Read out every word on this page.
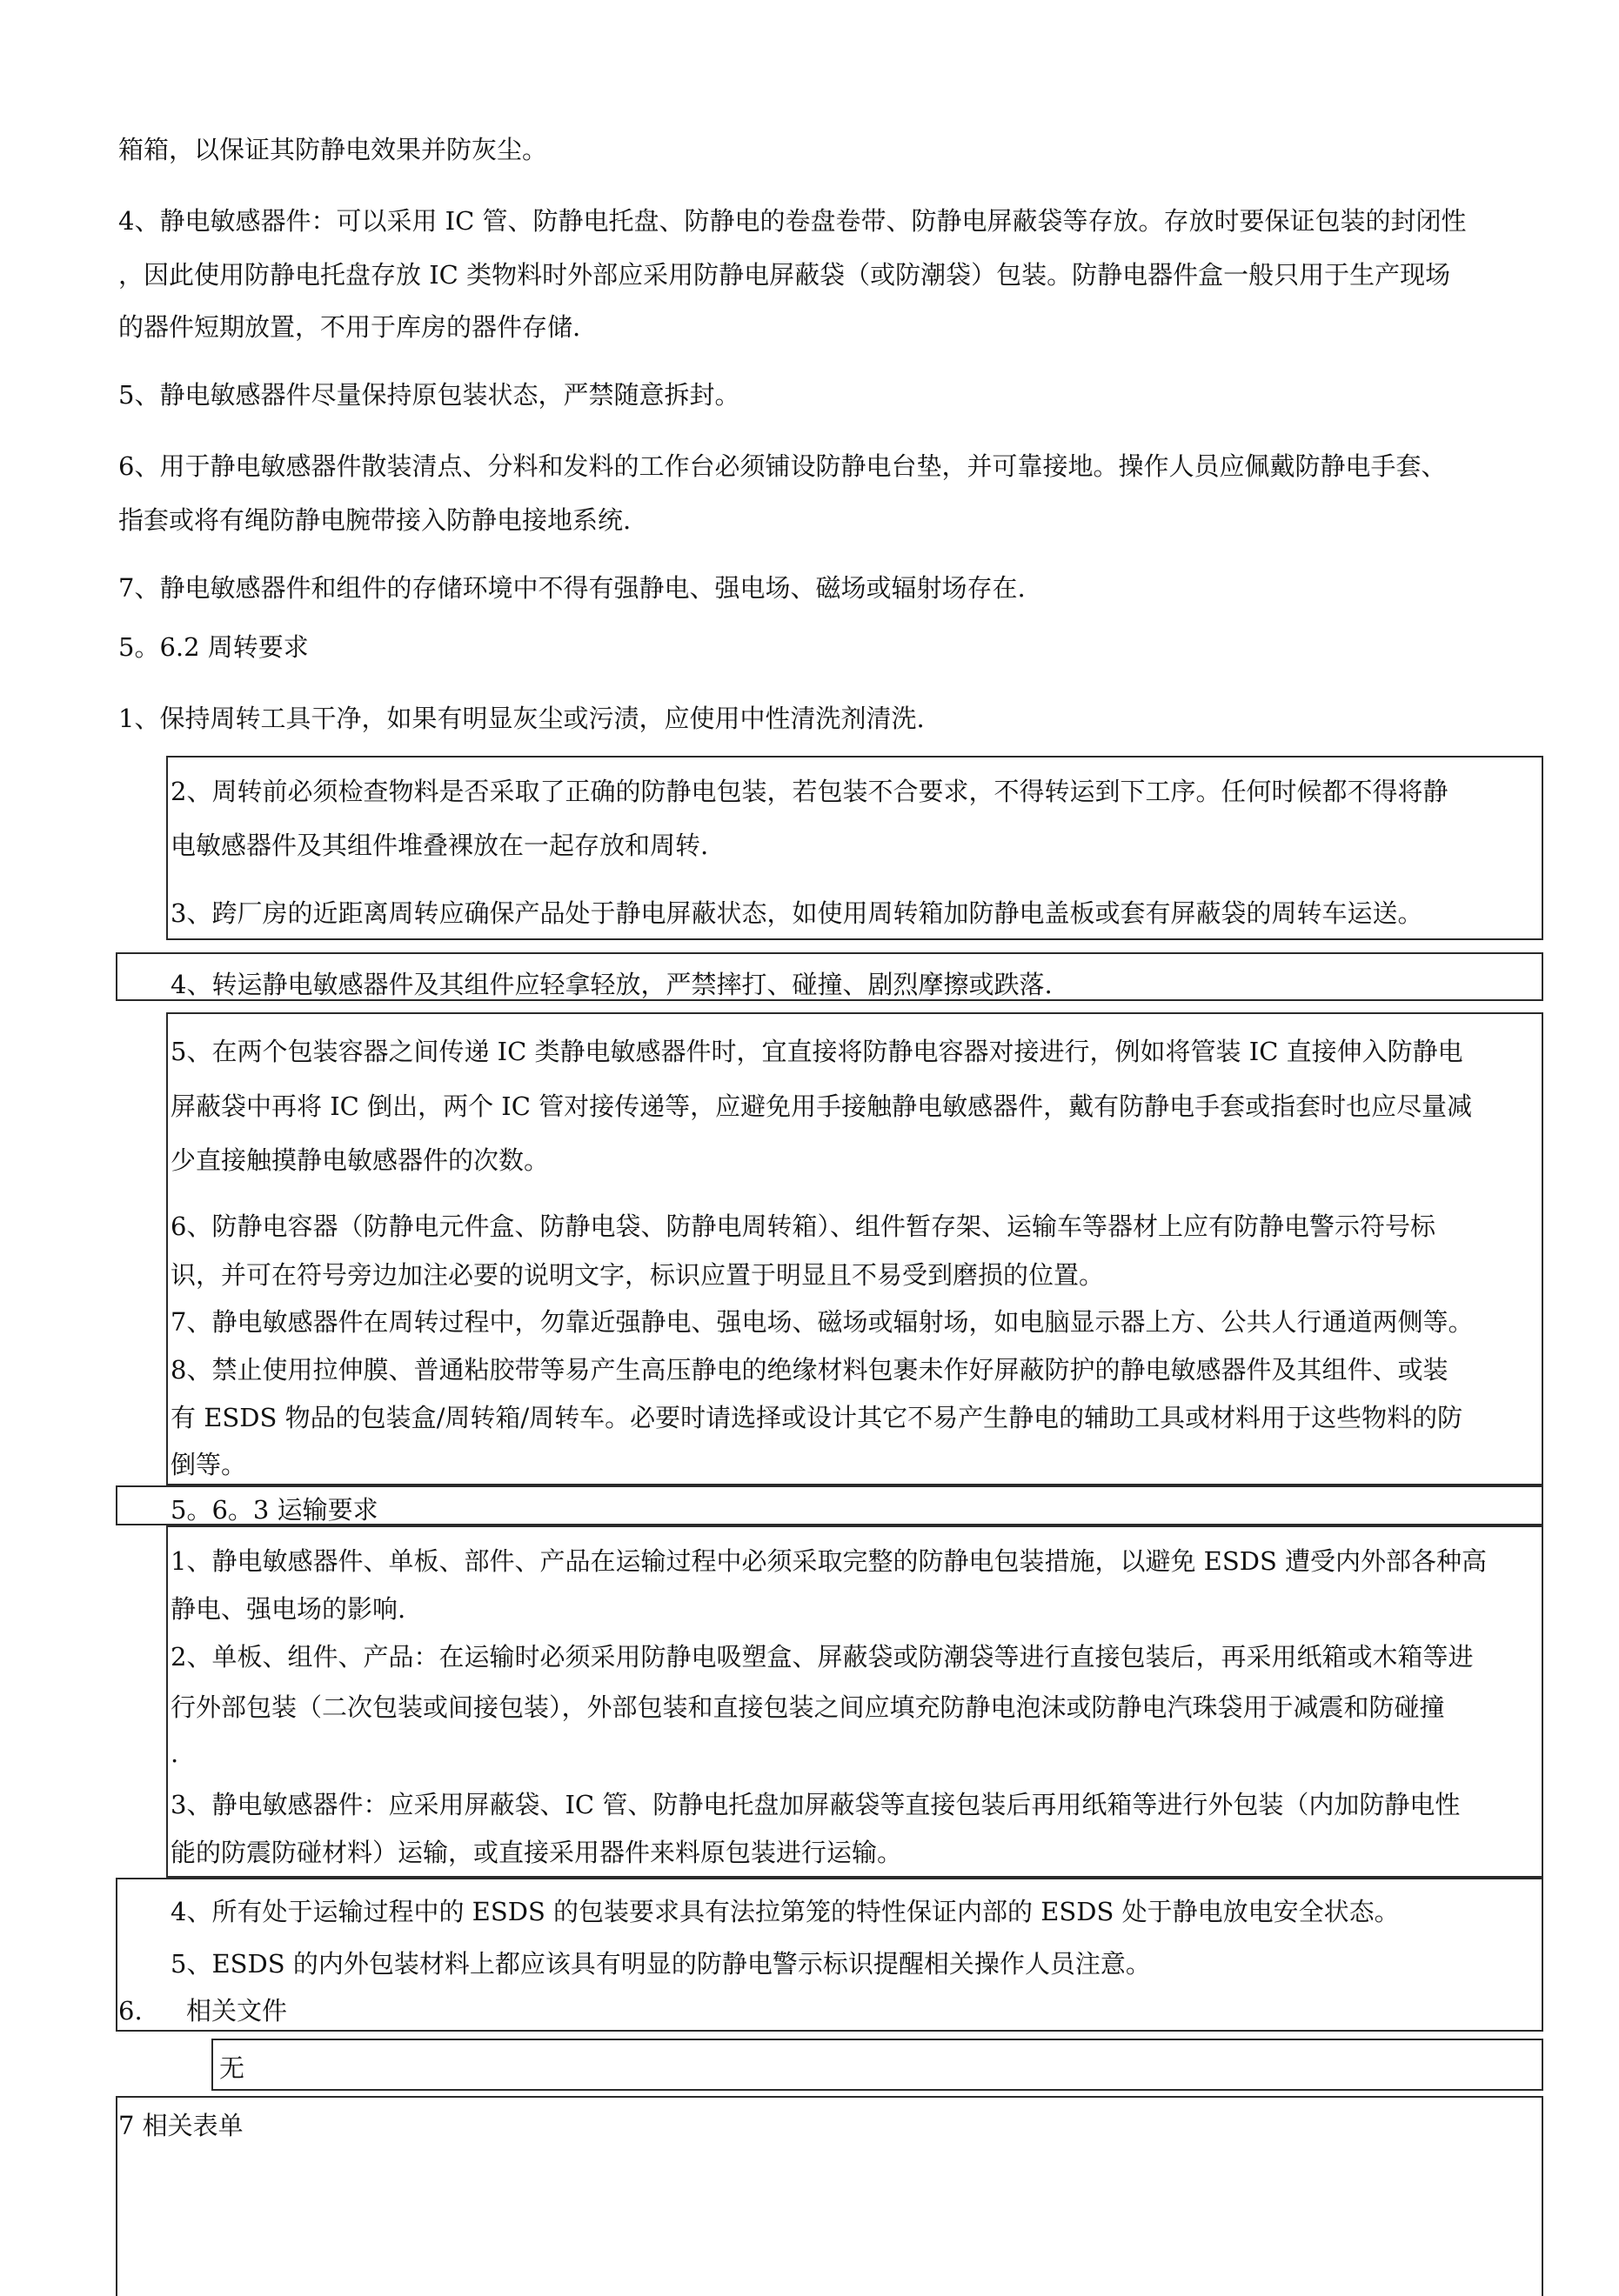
箱箱，以保证其防静电效果并防灰尘。
4、静电敏感器件：可以采用 IC 管、防静电托盘、防静电的卷盘卷带、防静电屏蔽袋等存放。存放时要保证包装的封闭性
，因此使用防静电托盘存放 IC 类物料时外部应采用防静电屏蔽袋（或防潮袋）包装。防静电器件盒一般只用于生产现场
的器件短期放置，不用于库房的器件存储.
5、静电敏感器件尽量保持原包装状态，严禁随意拆封。
6、用于静电敏感器件散装清点、分料和发料的工作台必须铺设防静电台垫，并可靠接地。操作人员应佩戴防静电手套、
指套或将有绳防静电腕带接入防静电接地系统.
7、静电敏感器件和组件的存储环境中不得有强静电、强电场、磁场或辐射场存在.
5。6.2 周转要求
1、保持周转工具干净，如果有明显灰尘或污渍，应使用中性清洗剂清洗.
2、周转前必须检查物料是否采取了正确的防静电包装，若包装不合要求，不得转运到下工序。任何时候都不得将静
电敏感器件及其组件堆叠裸放在一起存放和周转.
3、跨厂房的近距离周转应确保产品处于静电屏蔽状态，如使用周转箱加防静电盖板或套有屏蔽袋的周转车运送。
4、转运静电敏感器件及其组件应轻拿轻放，严禁摔打、碰撞、剧烈摩擦或跌落.
5、在两个包装容器之间传递 IC 类静电敏感器件时，宜直接将防静电容器对接进行，例如将管装 IC 直接伸入防静电
屏蔽袋中再将 IC 倒出，两个 IC 管对接传递等，应避免用手接触静电敏感器件，戴有防静电手套或指套时也应尽量减
少直接触摸静电敏感器件的次数。
6、防静电容器（防静电元件盒、防静电袋、防静电周转箱）、组件暂存架、运输车等器材上应有防静电警示符号标
识，并可在符号旁边加注必要的说明文字，标识应置于明显且不易受到磨损的位置。
7、静电敏感器件在周转过程中，勿靠近强静电、强电场、磁场或辐射场，如电脑显示器上方、公共人行通道两侧等。
8、禁止使用拉伸膜、普通粘胶带等易产生高压静电的绝缘材料包裹未作好屏蔽防护的静电敏感器件及其组件、或装
有 ESDS 物品的包装盒/周转箱/周转车。必要时请选择或设计其它不易产生静电的辅助工具或材料用于这些物料的防
倒等。
5。6。3 运输要求
1、静电敏感器件、单板、部件、产品在运输过程中必须采取完整的防静电包装措施，以避免 ESDS 遭受内外部各种高
静电、强电场的影响.
2、单板、组件、产品：在运输时必须采用防静电吸塑盒、屏蔽袋或防潮袋等进行直接包装后，再采用纸箱或木箱等进
行外部包装（二次包装或间接包装），外部包装和直接包装之间应填充防静电泡沫或防静电汽珠袋用于减震和防碰撞
.
3、静电敏感器件：应采用屏蔽袋、IC 管、防静电托盘加屏蔽袋等直接包装后再用纸箱等进行外包装（内加防静电性
能的防震防碰材料）运输，或直接采用器件来料原包装进行运输。
4、所有处于运输过程中的 ESDS 的包装要求具有法拉第笼的特性保证内部的 ESDS 处于静电放电安全状态。
5、ESDS 的内外包装材料上都应该具有明显的防静电警示标识提醒相关操作人员注意。
6. 相关文件
无
7 相关表单
